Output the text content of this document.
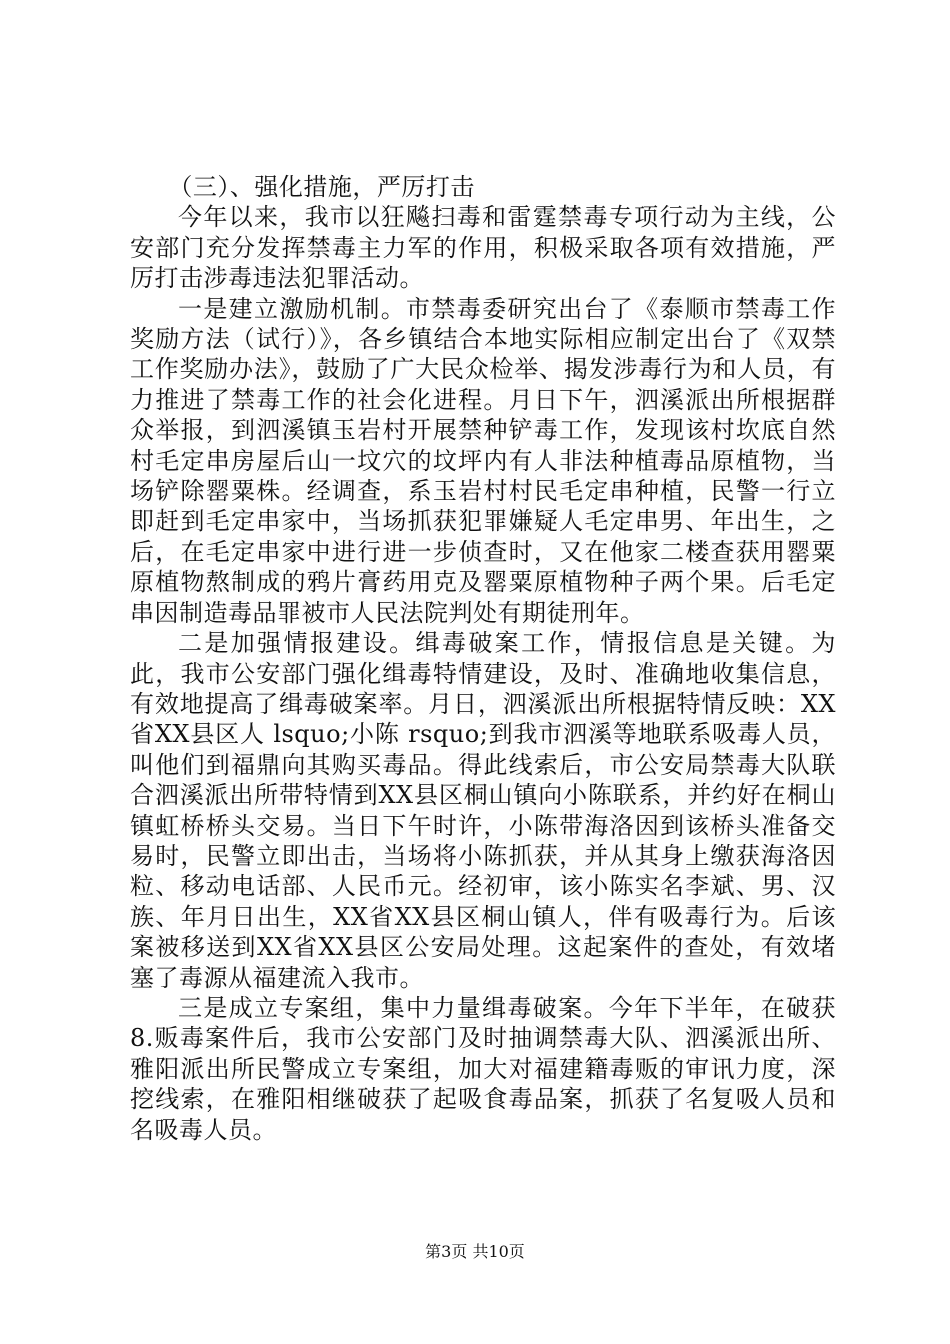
（三）、强化措施，严厉打击

今年以来，我市以狂飚扫毒和雷霆禁毒专项行动为主线，公安部门充分发挥禁毒主力军的作用，积极采取各项有效措施，严厉打击涉毒违法犯罪活动。

一是建立激励机制。市禁毒委研究出台了《泰顺市禁毒工作奖励方法（试行）》，各乡镇结合本地实际相应制定出台了《双禁工作奖励办法》，鼓励了广大民众检举、揭发涉毒行为和人员，有力推进了禁毒工作的社会化进程。月日下午，泗溪派出所根据群众举报，到泗溪镇玉岩村开展禁种铲毒工作，发现该村坎底自然村毛定串房屋后山一坟穴的坟坪内有人非法种植毒品原植物，当场铲除罂粟株。经调查，系玉岩村村民毛定串种植，民警一行立即赶到毛定串家中，当场抓获犯罪嫌疑人毛定串男、年出生，之后，在毛定串家中进行进一步侦查时，又在他家二楼查获用罂粟原植物熬制成的鸦片膏药用克及罂粟原植物种子两个果。后毛定串因制造毒品罪被市人民法院判处有期徒刑年。

二是加强情报建设。缉毒破案工作，情报信息是关键。为此，我市公安部门强化缉毒特情建设，及时、准确地收集信息，有效地提高了缉毒破案率。月日，泗溪派出所根据特情反映：XX省XX县区人 lsquo;小陈 rsquo;到我市泗溪等地联系吸毒人员，叫他们到福鼎向其购买毒品。得此线索后，市公安局禁毒大队联合泗溪派出所带特情到XX县区桐山镇向小陈联系，并约好在桐山镇虹桥桥头交易。当日下午时许，小陈带海洛因到该桥头准备交易时，民警立即出击，当场将小陈抓获，并从其身上缴获海洛因粒、移动电话部、人民币元。经初审，该小陈实名李斌、男、汉族、年月日出生，XX省XX县区桐山镇人，伴有吸毒行为。后该案被移送到XX省XX县区公安局处理。这起案件的查处，有效堵塞了毒源从福建流入我市。

三是成立专案组，集中力量缉毒破案。今年下半年，在破获8.贩毒案件后，我市公安部门及时抽调禁毒大队、泗溪派出所、雅阳派出所民警成立专案组，加大对福建籍毒贩的审讯力度，深挖线索，在雅阳相继破获了起吸食毒品案，抓获了名复吸人员和名吸毒人员。

第3页 共10页
